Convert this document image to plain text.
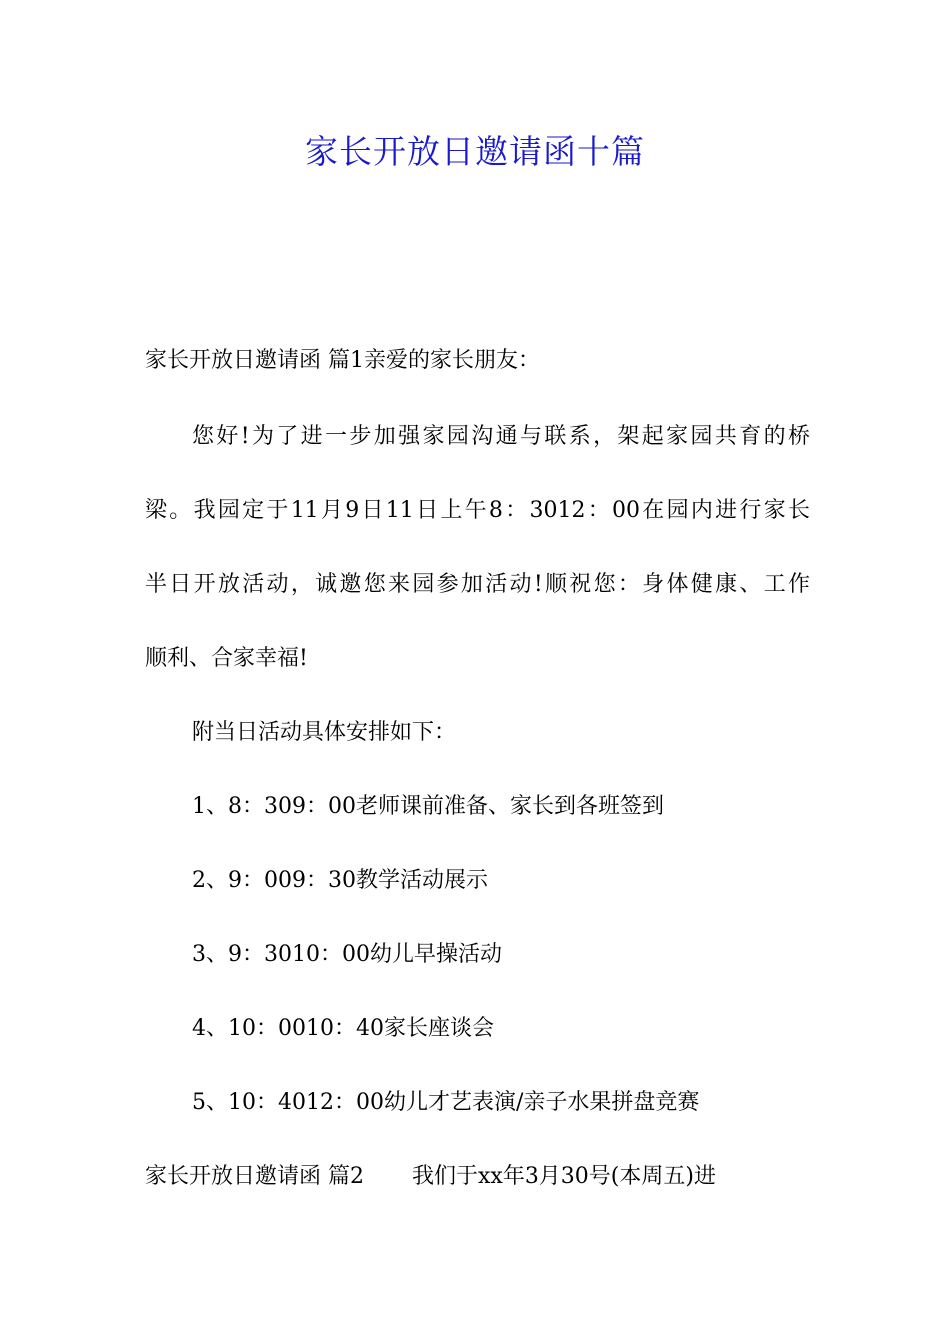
家长开放日邀请函十篇
家长开放日邀请函 篇1亲爱的家长朋友：
您好!为了进一步加强家园沟通与联系，架起家园共育的桥
梁。我园定于11月9日11日上午8：3012：00在园内进行家长
半日开放活动，诚邀您来园参加活动!顺祝您：身体健康、工作
顺利、合家幸福!
附当日活动具体安排如下：
1、8：309：00老师课前准备、家长到各班签到
2、9：009：30教学活动展示
3、9：3010：00幼儿早操活动
4、10：0010：40家长座谈会
5、10：4012：00幼儿才艺表演/亲子水果拼盘竞赛
家长开放日邀请函 篇2 我们于xx年3月30号(本周五)进
